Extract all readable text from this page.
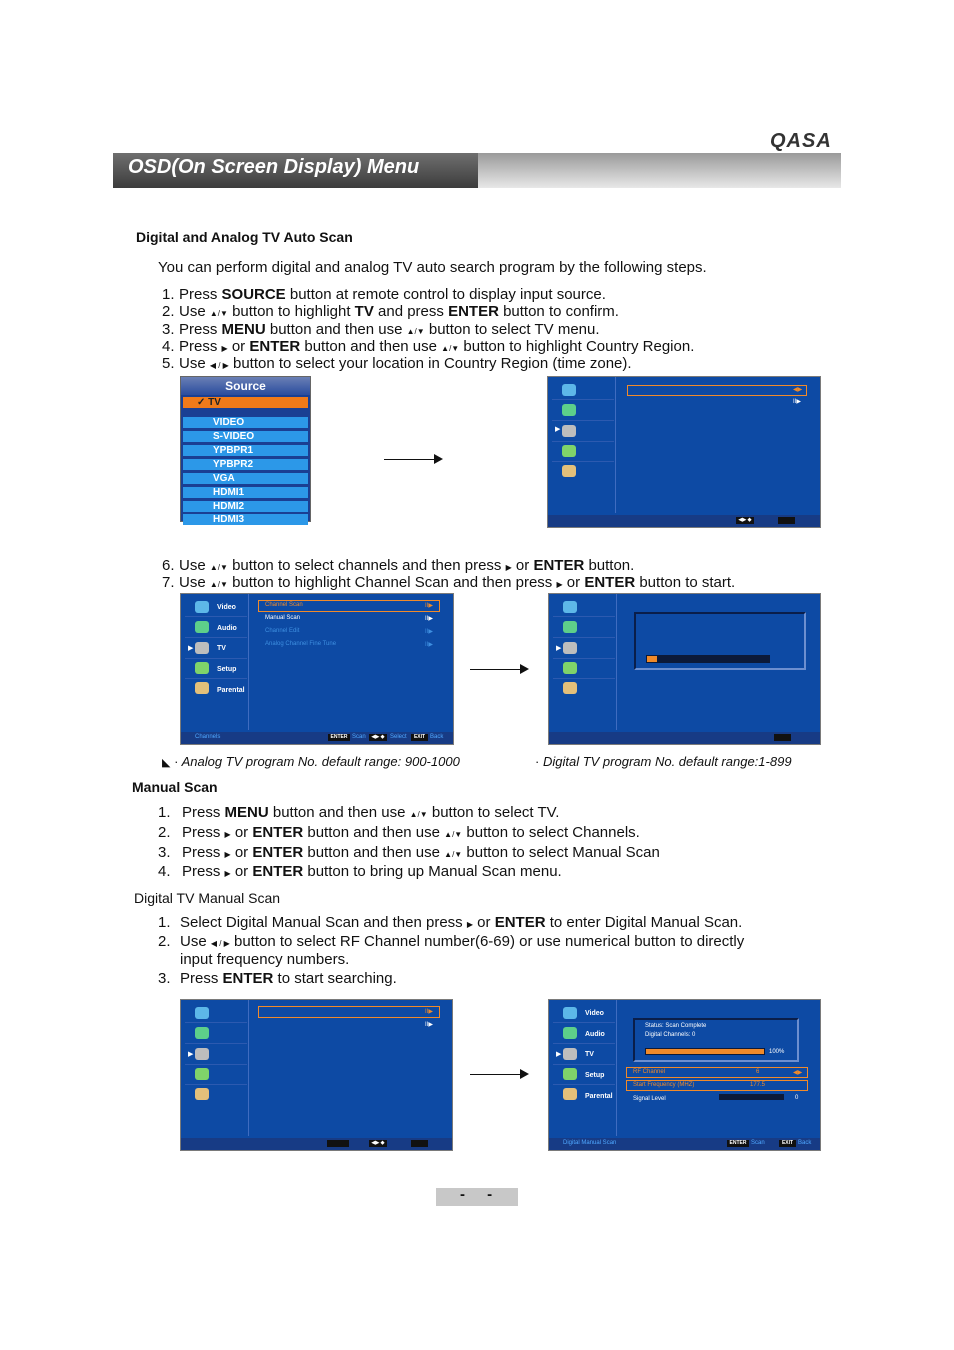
QASA
OSD(On Screen Display) Menu
Digital and Analog TV Auto Scan
You can perform digital and analog TV auto search program by the following steps.
1. Press SOURCE button at remote control to display input source.
2. Use ▲/▼ button to highlight TV and press ENTER button to confirm.
3. Press MENU button and then use ▲/▼ button to select TV menu.
4. Press ▶ or ENTER button and then use ▲/▼ button to highlight Country Region.
5. Use ◀ / ▶ button to select your location in Country Region (time zone).
Source
✓ TV
VIDEO
S-VIDEO
YPBPR1
YPBPR2
VGA
HDMI1
HDMI2
HDMI3
▶
◀▶
II▶
◀▶ ◆
6. Use ▲/▼ button to select channels and then press ▶ or ENTER button.
7. Use ▲/▼ button to highlight Channel Scan and then press ▶ or ENTER button to start.
Video
Audio
▶	TV
Setup
Parental
Channel Scan	II▶
Manual Scan	II▶
Channel Edit	II▶
Analog Channel Fine Tune	II▶
Channels	ENTER Scan	◀▶ ◆ Select	EXIT Back
▶
◣ · Analog TV program No. default range: 900-1000	· Digital TV program No. default range:1-899
Manual Scan
1. Press MENU button and then use ▲/▼ button to select TV.
2. Press ▶ or ENTER button and then use ▲/▼ button to select Channels.
3. Press ▶ or ENTER button and then use ▲/▼ button to select Manual Scan
4. Press ▶ or ENTER button to bring up Manual Scan menu.
Digital TV Manual Scan
1. Select Digital Manual Scan and then press ▶ or ENTER to enter Digital Manual Scan.
2. Use ◀ / ▶ button to select RF Channel number(6-69) or use numerical button to directly
input frequency numbers.
3. Press ENTER to start searching.
▶
II▶
II▶
◀▶ ◆
Video
Audio
▶	TV
Setup
Parental
Status: Scan Complete
Digital Channels: 0
100%
RF Channel	6	◀▶
Start Frequency (MHZ)	177.5
Signal Level	0
Digital Manual Scan	ENTER Scan	EXIT Back
- -
